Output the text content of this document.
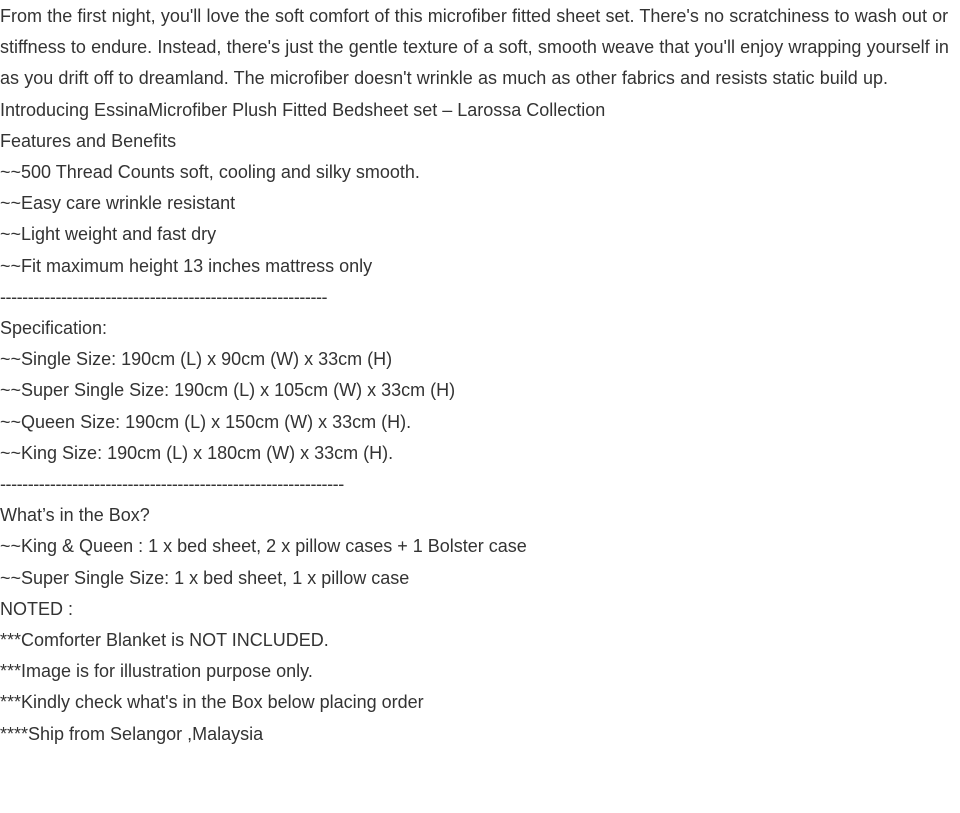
From the first night, you'll love the soft comfort of this microfiber fitted sheet set. There's no scratchiness to wash out or stiffness to endure. Instead, there's just the gentle texture of a soft, smooth weave that you'll enjoy wrapping yourself in as you drift off to dreamland. The microfiber doesn't wrinkle as much as other fabrics and resists static build up.
Introducing EssinaMicrofiber Plush Fitted Bedsheet set – Larossa Collection
Features and Benefits
~~500 Thread Counts soft, cooling and silky smooth.
~~Easy care wrinkle resistant
~~Light weight and fast dry
~~Fit maximum height 13 inches mattress only
-----------------------------------------------------------
Specification:
~~Single Size: 190cm (L) x 90cm (W) x 33cm (H)
~~Super Single Size: 190cm (L) x 105cm (W) x 33cm (H)
~~Queen Size: 190cm (L) x 150cm (W) x 33cm (H).
~~King Size: 190cm (L) x 180cm (W) x 33cm (H).
--------------------------------------------------------------
What’s in the Box?
~~King & Queen : 1 x bed sheet, 2 x pillow cases + 1 Bolster case
~~Super Single Size: 1 x bed sheet, 1 x pillow case
NOTED :
***Comforter Blanket is NOT INCLUDED.
***Image is for illustration purpose only.
***Kindly check what's in the Box below placing order
****Ship from Selangor ,Malaysia
